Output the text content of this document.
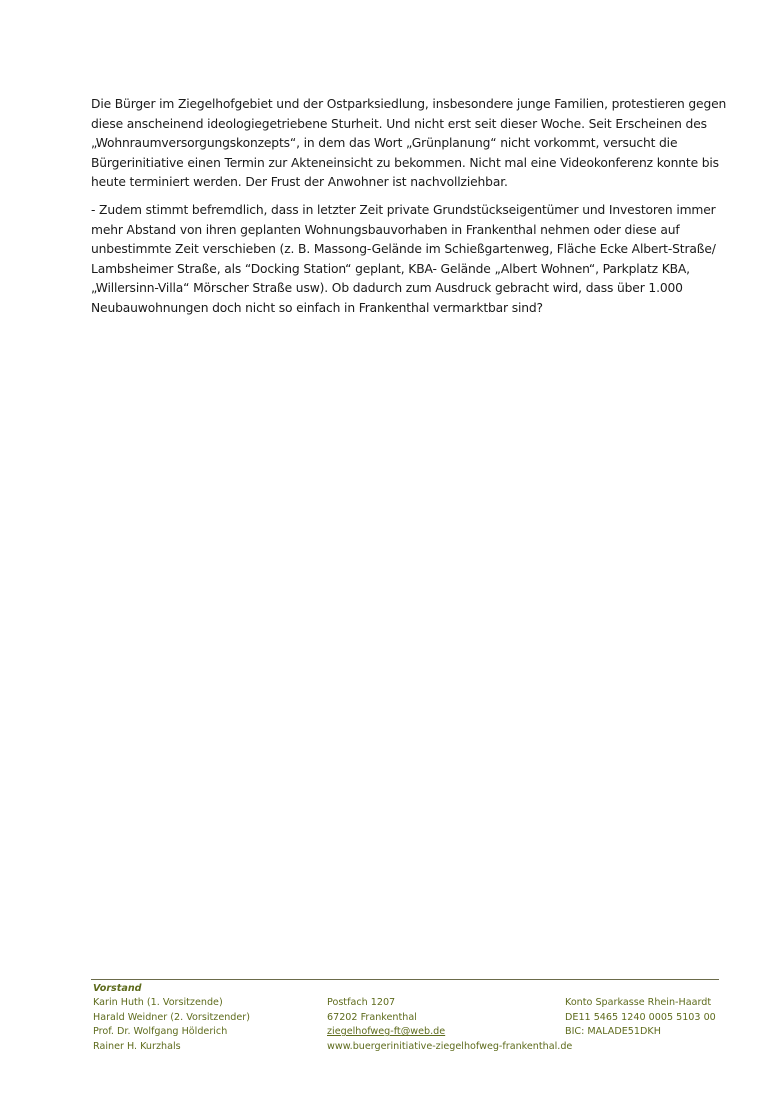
Die Bürger im Ziegelhofgebiet und der Ostparksiedlung, insbesondere junge Familien, protestieren gegen
diese anscheinend ideologiegetriebene Sturheit. Und nicht erst seit dieser Woche. Seit Erscheinen des
„Wohnraumversorgungskonzepts“, in dem das Wort „Grünplanung“ nicht vorkommt, versucht die
Bürgerinitiative einen Termin zur Akteneinsicht zu bekommen. Nicht mal eine Videokonferenz konnte bis
heute terminiert werden. Der Frust der Anwohner ist nachvollziehbar.

- Zudem stimmt befremdlich, dass in letzter Zeit private Grundstückseigentümer und Investoren immer
mehr Abstand von ihren geplanten Wohnungsbauvorhaben in Frankenthal nehmen oder diese auf
unbestimmte Zeit verschieben (z. B. Massong-Gelände im Schießgartenweg, Fläche Ecke Albert-Straße/
Lambsheimer Straße, als “Docking Station“ geplant, KBA- Gelände „Albert Wohnen“, Parkplatz KBA,
„Willersinn-Villa“ Mörscher Straße usw). Ob dadurch zum Ausdruck gebracht wird, dass über 1.000
Neubauwohnungen doch nicht so einfach in Frankenthal vermarktbar sind?

Vorstand
Karin Huth (1. Vorsitzende)
Harald Weidner (2. Vorsitzender)
Prof. Dr. Wolfgang Hölderich
Rainer H. Kurzhals
Postfach 1207
67202 Frankenthal
ziegelhofweg-ft@web.de
www.buergerinitiative-ziegelhofweg-frankenthal.de
Konto Sparkasse Rhein-Haardt
DE11 5465 1240 0005 5103 00
BIC: MALADE51DKH
